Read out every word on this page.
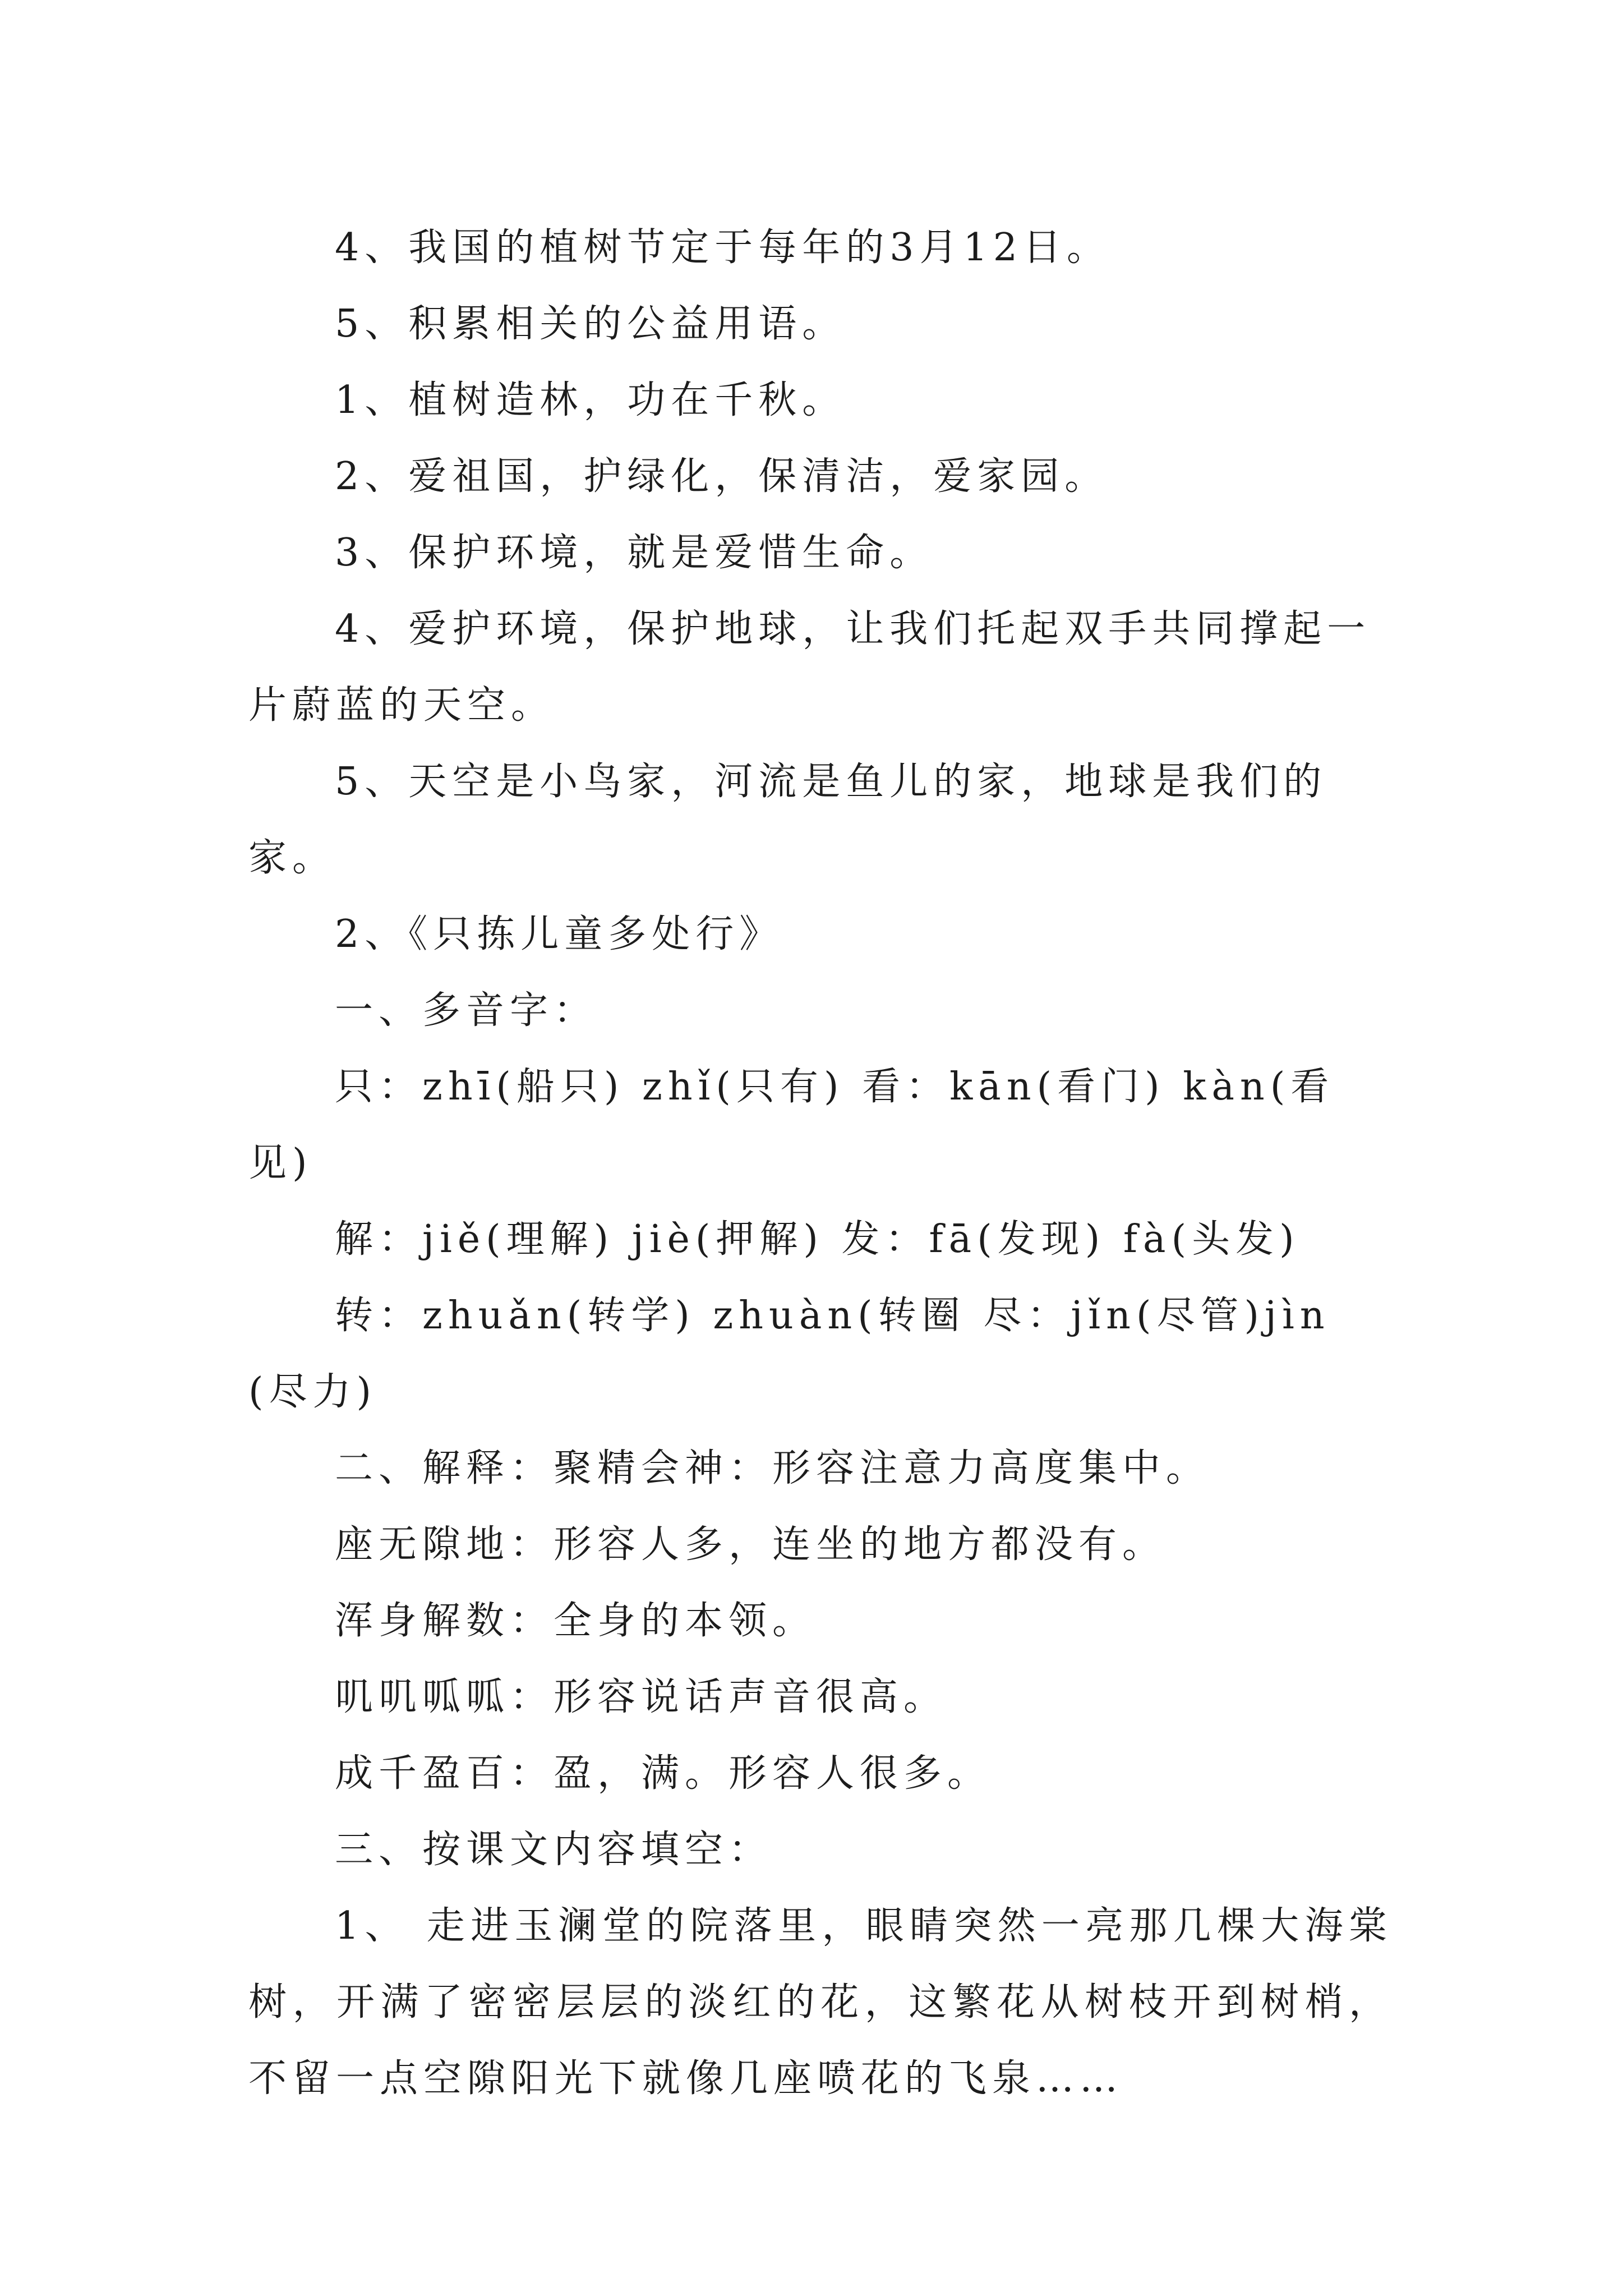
4、我国的植树节定于每年的3月12日。

5、积累相关的公益用语。

1、植树造林，功在千秋。

2、爱祖国，护绿化，保清洁，爱家园。

3、保护环境，就是爱惜生命。

4、爱护环境，保护地球，让我们托起双手共同撑起一片蔚蓝的天空。

5、天空是小鸟家，河流是鱼儿的家，地球是我们的家。

2、《只拣儿童多处行》

一、多音字：

只：zhī(船只) zhǐ(只有) 看：kān(看门) kàn(看见)

解：jiě(理解) jiè(押解) 发：fā(发现) fà(头发)

转：zhuǎn(转学) zhuàn(转圈 尽：jǐn(尽管)jìn(尽力)

二、解释：聚精会神：形容注意力高度集中。

座无隙地：形容人多，连坐的地方都没有。

浑身解数：全身的本领。

叽叽呱呱：形容说话声音很高。

成千盈百：盈，满。形容人很多。

三、按课文内容填空：

1、 走进玉澜堂的院落里，眼睛突然一亮那几棵大海棠树，开满了密密层层的淡红的花，这繁花从树枝开到树梢，不留一点空隙阳光下就像几座喷花的飞泉……
